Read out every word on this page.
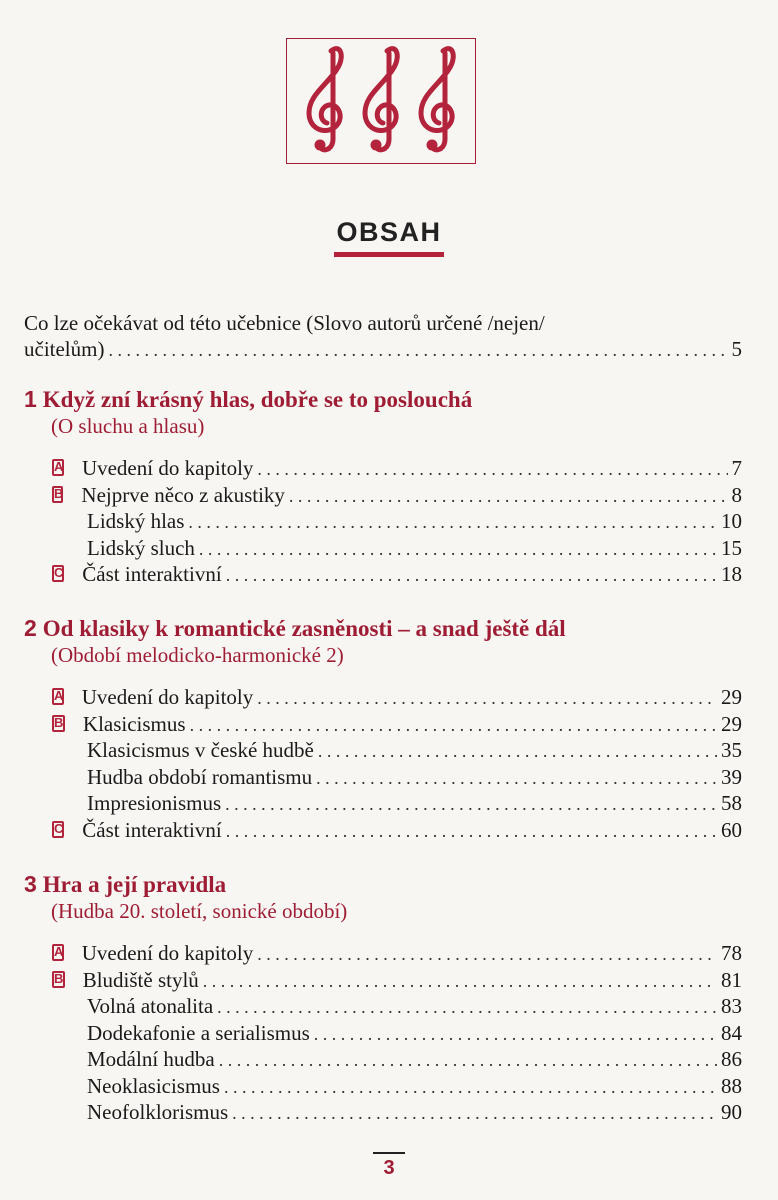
OBSAH
Co lze očekávat od této učebnice (Slovo autorů určené /nejen/
učitelům) . . .	5
1 Když zní krásný hlas, dobře se to poslouchá
(O sluchu a hlasu)
A Uvedení do kapitoly . . .	7
B Nejprve něco z akustiky . . .	8
Lidský hlas . . .	10
Lidský sluch . . .	15
C Část interaktivní . . .	18
2 Od klasiky k romantické zasněnosti – a snad ještě dál
(Období melodicko-harmonické 2)
A Uvedení do kapitoly . . .	29
B Klasicismus . . .	29
Klasicismus v české hudbě . . .	35
Hudba období romantismu . . .	39
Impresionismus . . .	58
C Část interaktivní . . .	60
3 Hra a její pravidla
(Hudba 20. století, sonické období)
A Uvedení do kapitoly . . .	78
B Bludiště stylů . . .	81
Volná atonalita . . .	83
Dodekafonie a serialismus . . .	84
Modální hudba . . .	86
Neoklasicismus . . .	88
Neofolklorismus . . .	90
3
